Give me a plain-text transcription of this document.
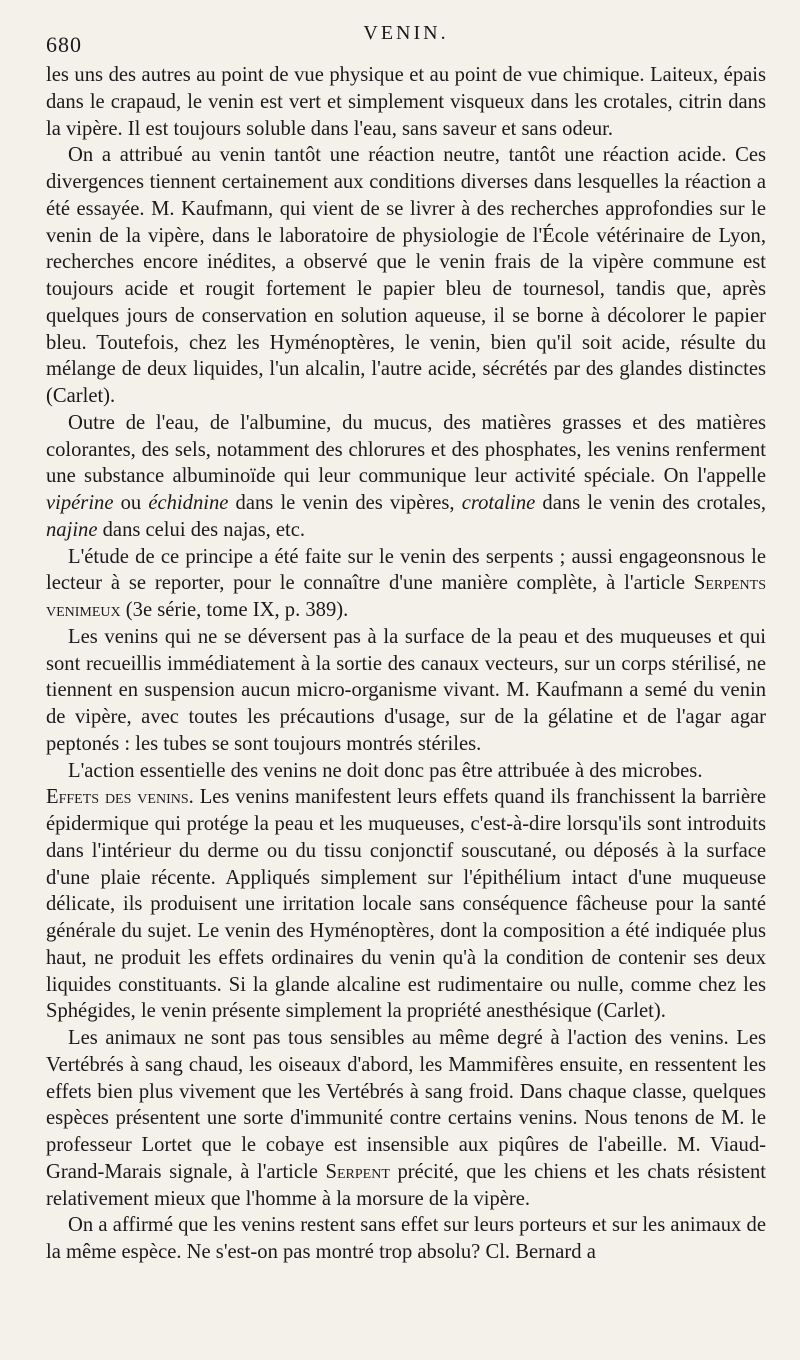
680	VENIN.

les uns des autres au point de vue physique et au point de vue chimique. Laiteux, épais dans le crapaud, le venin est vert et simplement visqueux dans les crotales, citrin dans la vipère. Il est toujours soluble dans l'eau, sans saveur et sans odeur.

On a attribué au venin tantôt une réaction neutre, tantôt une réaction acide. Ces divergences tiennent certainement aux conditions diverses dans lesquelles la réaction a été essayée. M. Kaufmann, qui vient de se livrer à des recherches approfondies sur le venin de la vipère, dans le laboratoire de physiologie de l'École vétérinaire de Lyon, recherches encore inédites, a observé que le venin frais de la vipère commune est toujours acide et rougit fortement le papier bleu de tournesol, tandis que, après quelques jours de conservation en solution aqueuse, il se borne à décolorer le papier bleu. Toutefois, chez les Hyménoptères, le venin, bien qu'il soit acide, résulte du mélange de deux liquides, l'un alcalin, l'autre acide, sécrétés par des glandes distinctes (Carlet).

Outre de l'eau, de l'albumine, du mucus, des matières grasses et des matières colorantes, des sels, notamment des chlorures et des phosphates, les venins renferment une substance albuminoïde qui leur communique leur activité spéciale. On l'appelle vipérine ou échidnine dans le venin des vipères, crotaline dans le venin des crotales, najine dans celui des najas, etc.

L'étude de ce principe a été faite sur le venin des serpents ; aussi engageonsnous le lecteur à se reporter, pour le connaître d'une manière complète, à l'article Serpents venimeux (3e série, tome IX, p. 389).

Les venins qui ne se déversent pas à la surface de la peau et des muqueuses et qui sont recueillis immédiatement à la sortie des canaux vecteurs, sur un corps stérilisé, ne tiennent en suspension aucun micro-organisme vivant. M. Kaufmann a semé du venin de vipère, avec toutes les précautions d'usage, sur de la gélatine et de l'agar agar peptonés : les tubes se sont toujours montrés stériles.

L'action essentielle des venins ne doit donc pas être attribuée à des microbes.

Effets des venins. Les venins manifestent leurs effets quand ils franchissent la barrière épidermique qui protége la peau et les muqueuses, c'est-à-dire lorsqu'ils sont introduits dans l'intérieur du derme ou du tissu conjonctif souscutané, ou déposés à la surface d'une plaie récente. Appliqués simplement sur l'épithélium intact d'une muqueuse délicate, ils produisent une irritation locale sans conséquence fâcheuse pour la santé générale du sujet. Le venin des Hyménoptères, dont la composition a été indiquée plus haut, ne produit les effets ordinaires du venin qu'à la condition de contenir ses deux liquides constituants. Si la glande alcaline est rudimentaire ou nulle, comme chez les Sphégides, le venin présente simplement la propriété anesthésique (Carlet).

Les animaux ne sont pas tous sensibles au même degré à l'action des venins. Les Vertébrés à sang chaud, les oiseaux d'abord, les Mammifères ensuite, en ressentent les effets bien plus vivement que les Vertébrés à sang froid. Dans chaque classe, quelques espèces présentent une sorte d'immunité contre certains venins. Nous tenons de M. le professeur Lortet que le cobaye est insensible aux piqûres de l'abeille. M. Viaud-Grand-Marais signale, à l'article Serpent précité, que les chiens et les chats résistent relativement mieux que l'homme à la morsure de la vipère.

On a affirmé que les venins restent sans effet sur leurs porteurs et sur les animaux de la même espèce. Ne s'est-on pas montré trop absolu? Cl. Bernard a
